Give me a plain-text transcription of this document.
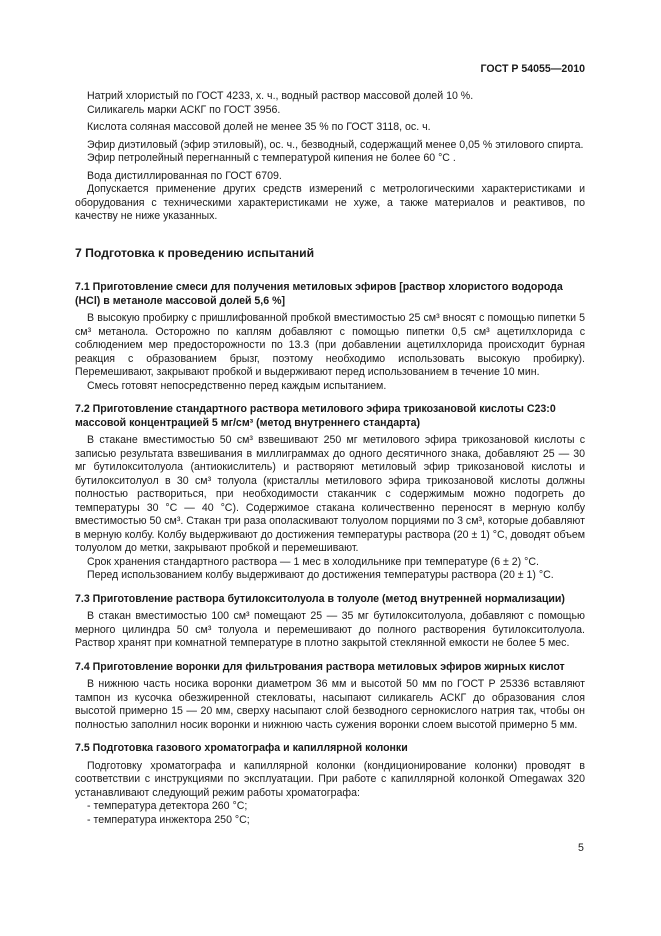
ГОСТ Р 54055—2010

Натрий хлористый по ГОСТ 4233, х. ч., водный раствор массовой долей 10 %.

Силикагель марки АСКГ по ГОСТ 3956.

Кислота соляная массовой долей не менее 35 % по ГОСТ 3118, ос. ч.

Эфир диэтиловый (эфир этиловый), ос. ч., безводный, содержащий менее 0,05 % этилового спирта.

Эфир петролейный перегнанный с температурой кипения не более 60 °С .

Вода дистиллированная по ГОСТ 6709.

Допускается применение других средств измерений с метрологическими характеристиками и оборудования с техническими характеристиками не хуже, а также материалов и реактивов, по качеству не ниже указанных.

7 Подготовка к проведению испытаний

7.1 Приготовление смеси для получения метиловых эфиров [раствор хлористого водорода (НСl) в метаноле массовой долей 5,6 %]

В высокую пробирку с пришлифованной пробкой вместимостью 25 см³ вносят с помощью пипетки 5 см³ метанола. Осторожно по каплям добавляют с помощью пипетки 0,5 см³ ацетилхлорида с соблюдением мер предосторожности по 13.3 (при добавлении ацетилхлорида происходит бурная реакция с образованием брызг, поэтому необходимо использовать высокую пробирку). Перемешивают, закрывают пробкой и выдерживают перед использованием в течение 10 мин.

Смесь готовят непосредственно перед каждым испытанием.

7.2 Приготовление стандартного раствора метилового эфира трикозановой кислоты С23:0 массовой концентрацией 5 мг/см³ (метод внутреннего стандарта)

В стакане вместимостью 50 см³ взвешивают 250 мг метилового эфира трикозановой кислоты с записью результата взвешивания в миллиграммах до одного десятичного знака, добавляют 25 — 30 мг бутилокситолуола (антиокислитель) и растворяют метиловый эфир трикозановой кислоты и бутилокситолуол в 30 см³ толуола (кристаллы метилового эфира трикозановой кислоты должны полностью раствориться, при необходимости стаканчик с содержимым можно подогреть до температуры 30 °С — 40 °С). Содержимое стакана количественно переносят в мерную колбу вместимостью 50 см³. Стакан три раза ополаскивают толуолом порциями по 3 см³, которые добавляют в мерную колбу. Колбу выдерживают до достижения температуры раствора (20 ± 1) °С, доводят объем толуолом до метки, закрывают пробкой и перемешивают.

Срок хранения стандартного раствора — 1 мес в холодильнике при температуре (6 ± 2) °С.

Перед использованием колбу выдерживают до достижения температуры раствора (20 ± 1) °С.

7.3 Приготовление раствора бутилокситолуола в толуоле (метод внутренней нормализации)

В стакан вместимостью 100 см³ помещают 25 — 35 мг бутилокситолуола, добавляют с помощью мерного цилиндра 50 см³ толуола и перемешивают до полного растворения бутилокситолуола. Раствор хранят при комнатной температуре в плотно закрытой стеклянной емкости не более 5 мес.

7.4 Приготовление воронки для фильтрования раствора метиловых эфиров жирных кислот

В нижнюю часть носика воронки диаметром 36 мм и высотой 50 мм по ГОСТ Р 25336 вставляют тампон из кусочка обезжиренной стекловаты, насыпают силикагель АСКГ до образования слоя высотой примерно 15 — 20 мм, сверху насыпают слой безводного сернокислого натрия так, чтобы он полностью заполнил носик воронки и нижнюю часть сужения воронки слоем высотой примерно 5 мм.

7.5 Подготовка газового хроматографа и капиллярной колонки

Подготовку хроматографа и капиллярной колонки (кондиционирование колонки) проводят в соответствии с инструкциями по эксплуатации. При работе с капиллярной колонкой Omegawax 320 устанавливают следующий режим работы хроматографа:

- температура детектора 260 °С;

- температура инжектора 250 °С;

5
